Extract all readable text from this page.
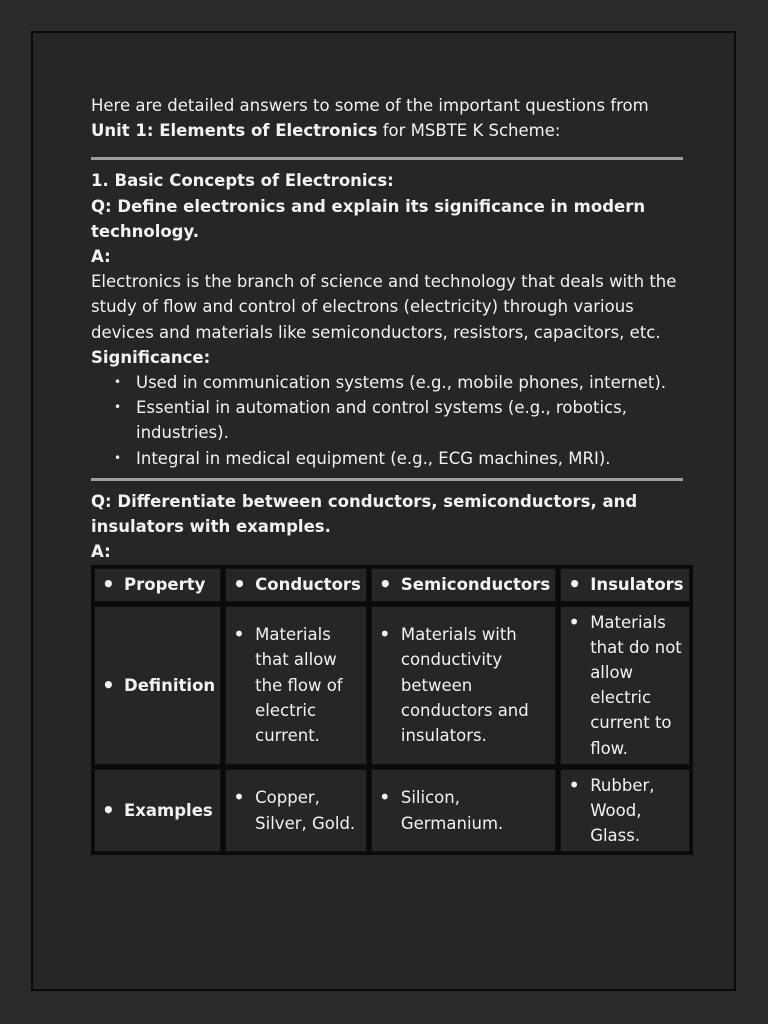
Here are detailed answers to some of the important questions from
Unit 1: Elements of Electronics for MSBTE K Scheme:

1. Basic Concepts of Electronics:

Q: Define electronics and explain its significance in modern technology.

A:

Electronics is the branch of science and technology that deals with the study of flow and control of electrons (electricity) through various devices and materials like semiconductors, resistors, capacitors, etc.

Significance:

• Used in communication systems (e.g., mobile phones, internet).
• Essential in automation and control systems (e.g., robotics, industries).
• Integral in medical equipment (e.g., ECG machines, MRI).

Q: Differentiate between conductors, semiconductors, and insulators with examples.

A:

• Property	• Conductors	• Semiconductors	• Insulators

• Definition	• Materials that allow the flow of electric current.	• Materials with conductivity between conductors and insulators.	• Materials that do not allow electric current to flow.

• Examples	• Copper, Silver, Gold.	• Silicon, Germanium.	• Rubber, Wood, Glass.
